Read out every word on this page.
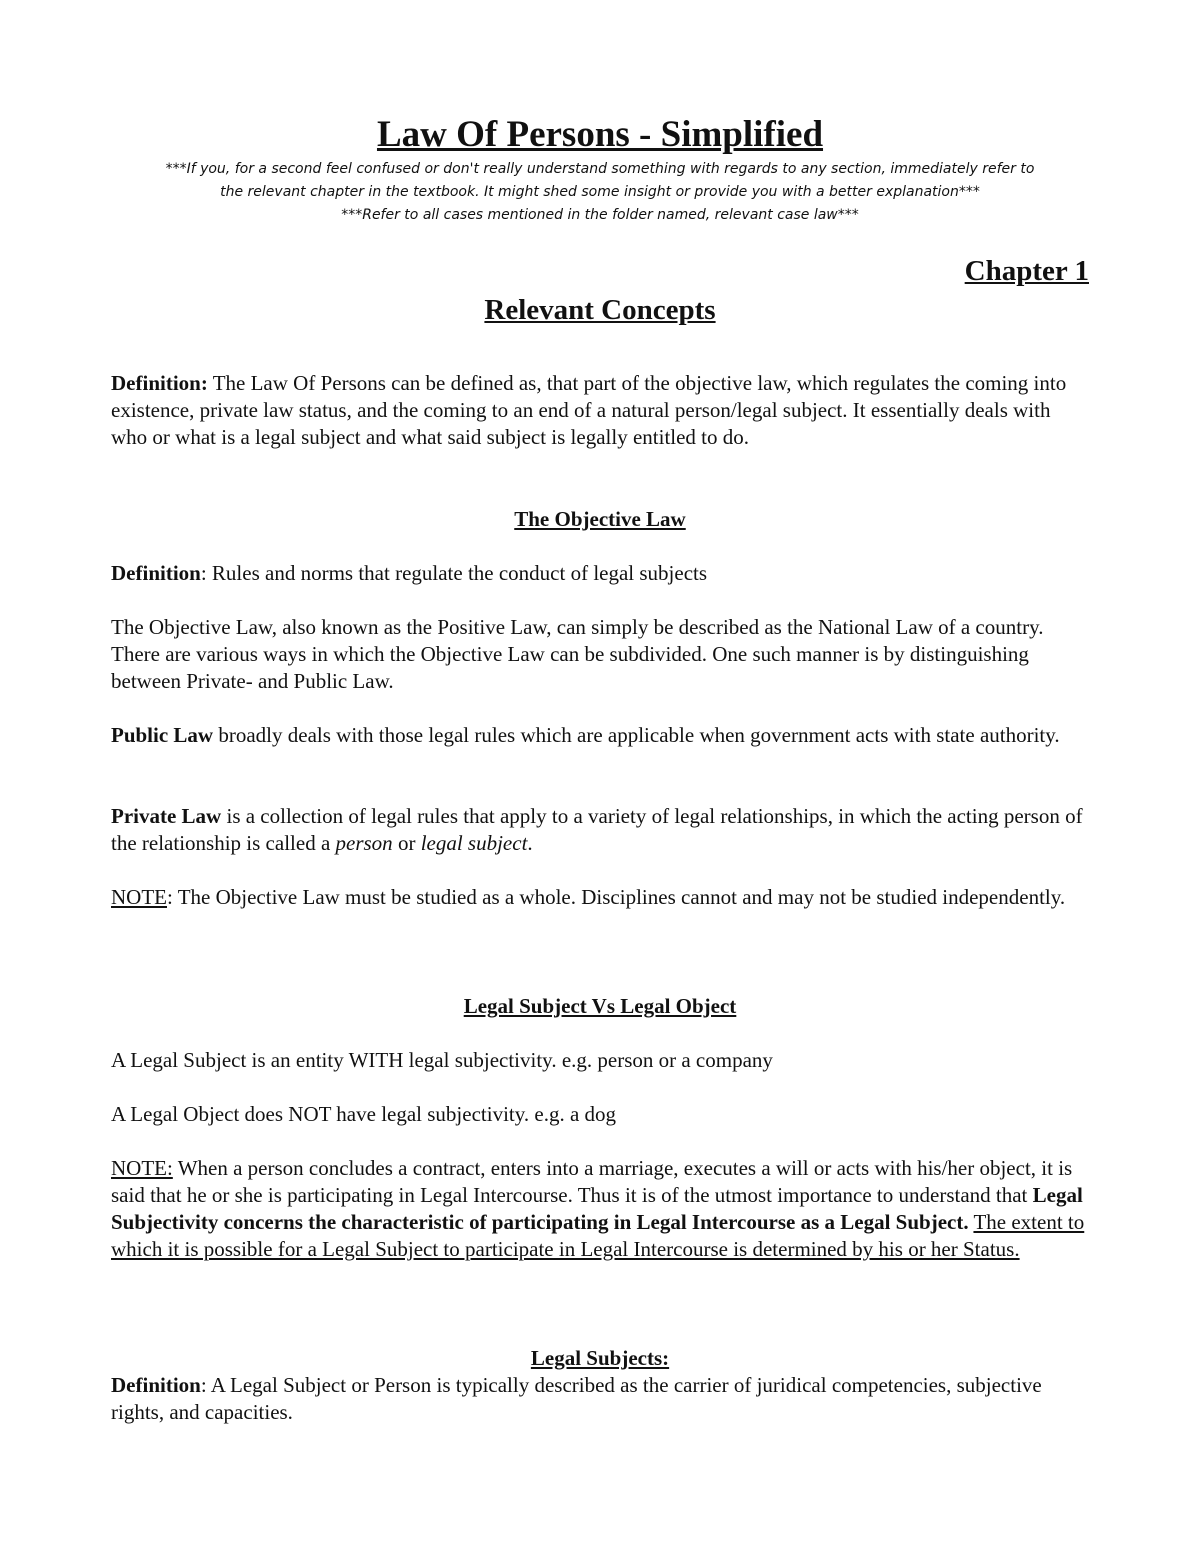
Law Of Persons - Simplified
***If you, for a second feel confused or don't really understand something with regards to any section, immediately refer to
the relevant chapter in the textbook. It might shed some insight or provide you with a better explanation***
***Refer to all cases mentioned in the folder named, relevant case law***
Chapter 1
Relevant Concepts
Definition: The Law Of Persons can be defined as, that part of the objective law, which regulates the coming into existence, private law status, and the coming to an end of a natural person/legal subject. It essentially deals with who or what is a legal subject and what said subject is legally entitled to do.
The Objective Law
Definition: Rules and norms that regulate the conduct of legal subjects
The Objective Law, also known as the Positive Law, can simply be described as the National Law of a country. There are various ways in which the Objective Law can be subdivided. One such manner is by distinguishing between Private- and Public Law.
Public Law broadly deals with those legal rules which are applicable when government acts with state authority.
Private Law is a collection of legal rules that apply to a variety of legal relationships, in which the acting person of the relationship is called a person or legal subject.
NOTE: The Objective Law must be studied as a whole. Disciplines cannot and may not be studied independently.
Legal Subject Vs Legal Object
A Legal Subject is an entity WITH legal subjectivity. e.g. person or a company
A Legal Object does NOT have legal subjectivity. e.g. a dog
NOTE: When a person concludes a contract, enters into a marriage, executes a will or acts with his/her object, it is said that he or she is participating in Legal Intercourse. Thus it is of the utmost importance to understand that Legal Subjectivity concerns the characteristic of participating in Legal Intercourse as a Legal Subject. The extent to which it is possible for a Legal Subject to participate in Legal Intercourse is determined by his or her Status.
Legal Subjects:
Definition: A Legal Subject or Person is typically described as the carrier of juridical competencies, subjective rights, and capacities.
